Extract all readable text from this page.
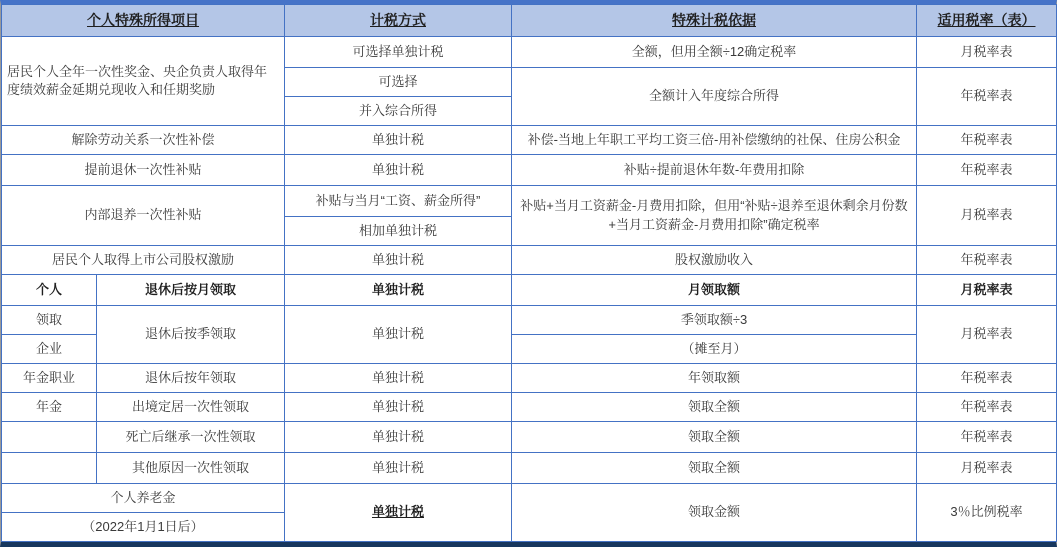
个人特殊所得项目		计税方式	特殊计税依据	适用税率（表）
居民个人全年一次性奖金、央企负责人取得年度绩效薪金延期兑现收入和任期奖励		可选择单独计税	全额，但用全额÷12确定税率	月税率表
		可选择	全额计入年度综合所得	年税率表
		并入综合所得		
解除劳动关系一次性补偿		单独计税	补偿-当地上年职工平均工资三倍-用补偿缴纳的社保、住房公积金	年税率表
提前退休一次性补贴		单独计税	补贴÷提前退休年数-年费用扣除	年税率表
内部退养一次性补贴		补贴与当月“工资、薪金所得”	补贴+当月工资薪金-月费用扣除，但用“补贴÷退养至退休剩余月份数+当月工资薪金-月费用扣除”确定税率	月税率表
		相加单独计税		
居民个人取得上市公司股权激励		单独计税	股权激励收入	年税率表
个人	退休后按月领取	单独计税	月领取额	月税率表
领取	退休后按季领取	单独计税	季领取额÷3	月税率表
企业			（摊至月）	
年金职业	退休后按年领取	单独计税	年领取额	年税率表
年金	出境定居一次性领取	单独计税	领取全额	年税率表
	死亡后继承一次性领取	单独计税	领取全额	年税率表
	其他原因一次性领取	单独计税	领取全额	月税率表
个人养老金		单独计税	领取金额	3％比例税率
（2022年1月1日后）				
